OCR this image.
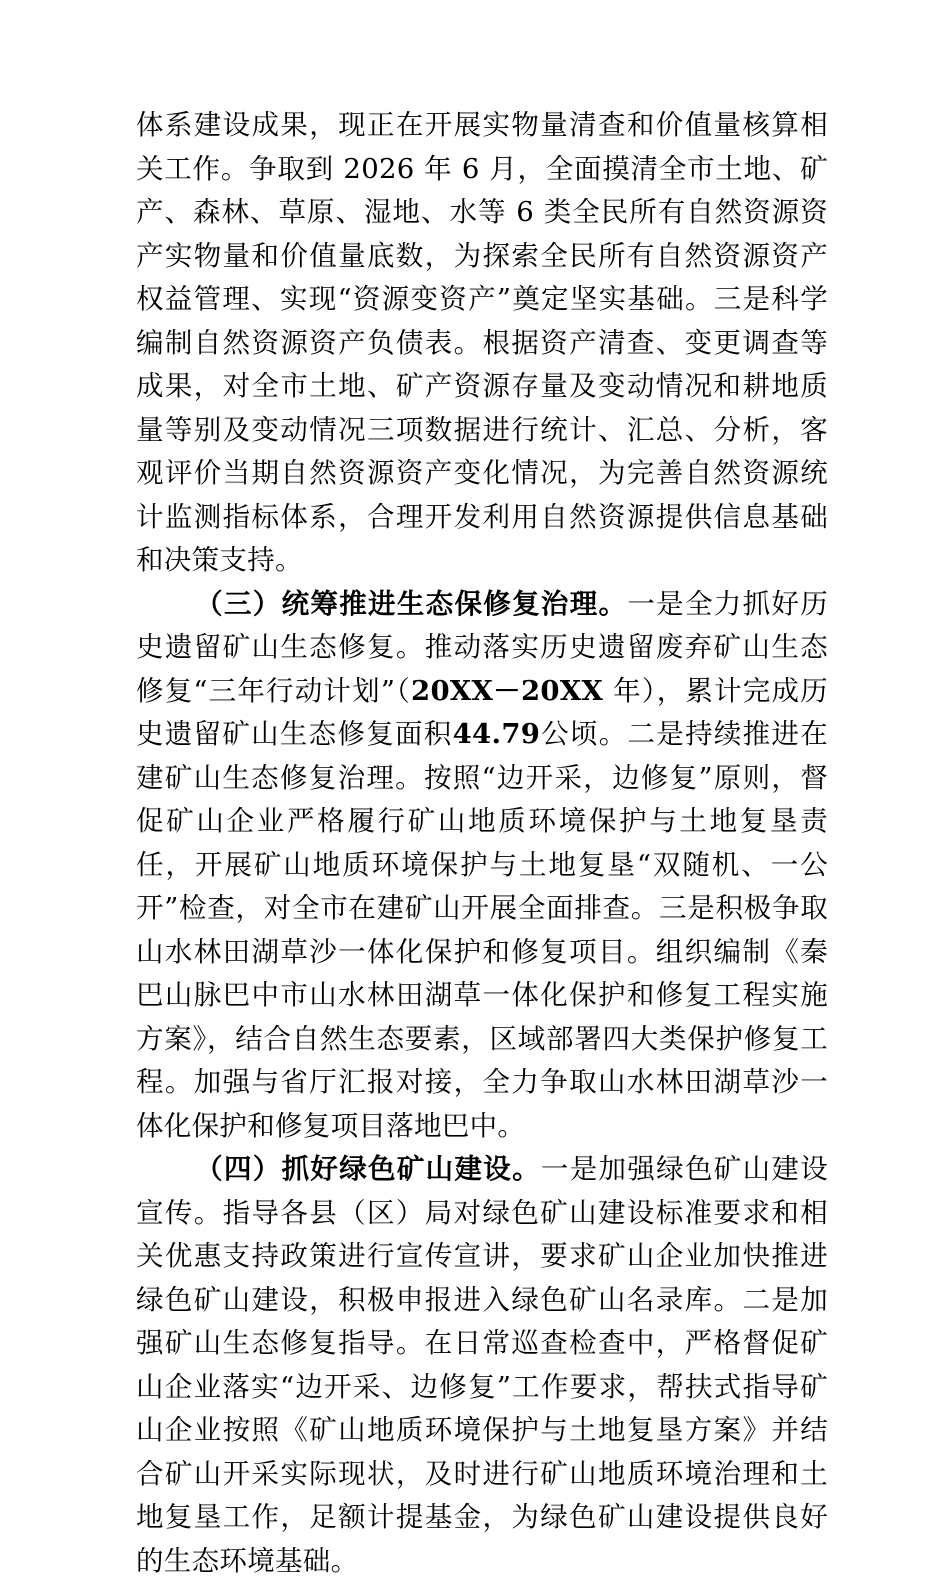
体系建设成果，现正在开展实物量清查和价值量核算相关工作。争取到 2026 年 6 月，全面摸清全市土地、矿产、森林、草原、湿地、水等 6 类全民所有自然资源资产实物量和价值量底数，为探索全民所有自然资源资产权益管理、实现“资源变资产”奠定坚实基础。三是科学编制自然资源资产负债表。根据资产清查、变更调查等成果，对全市土地、矿产资源存量及变动情况和耕地质量等别及变动情况三项数据进行统计、汇总、分析，客观评价当期自然资源资产变化情况，为完善自然资源统计监测指标体系，合理开发利用自然资源提供信息基础和决策支持。

（三）统筹推进生态保修复治理。一是全力抓好历史遗留矿山生态修复。推动落实历史遗留废弃矿山生态修复“三年行动计划”（20XX－20XX 年），累计完成历史遗留矿山生态修复面积44.79公顷。二是持续推进在建矿山生态修复治理。按照“边开采，边修复”原则，督促矿山企业严格履行矿山地质环境保护与土地复垦责任，开展矿山地质环境保护与土地复垦“双随机、一公开”检查，对全市在建矿山开展全面排查。三是积极争取山水林田湖草沙一体化保护和修复项目。组织编制《秦巴山脉巴中市山水林田湖草一体化保护和修复工程实施方案》，结合自然生态要素，区域部署四大类保护修复工程。加强与省厅汇报对接，全力争取山水林田湖草沙一体化保护和修复项目落地巴中。

（四）抓好绿色矿山建设。一是加强绿色矿山建设宣传。指导各县（区）局对绿色矿山建设标准要求和相关优惠支持政策进行宣传宣讲，要求矿山企业加快推进绿色矿山建设，积极申报进入绿色矿山名录库。二是加强矿山生态修复指导。在日常巡查检查中，严格督促矿山企业落实“边开采、边修复”工作要求，帮扶式指导矿山企业按照《矿山地质环境保护与土地复垦方案》并结合矿山开采实际现状，及时进行矿山地质环境治理和土地复垦工作，足额计提基金，为绿色矿山建设提供良好的生态环境基础。
